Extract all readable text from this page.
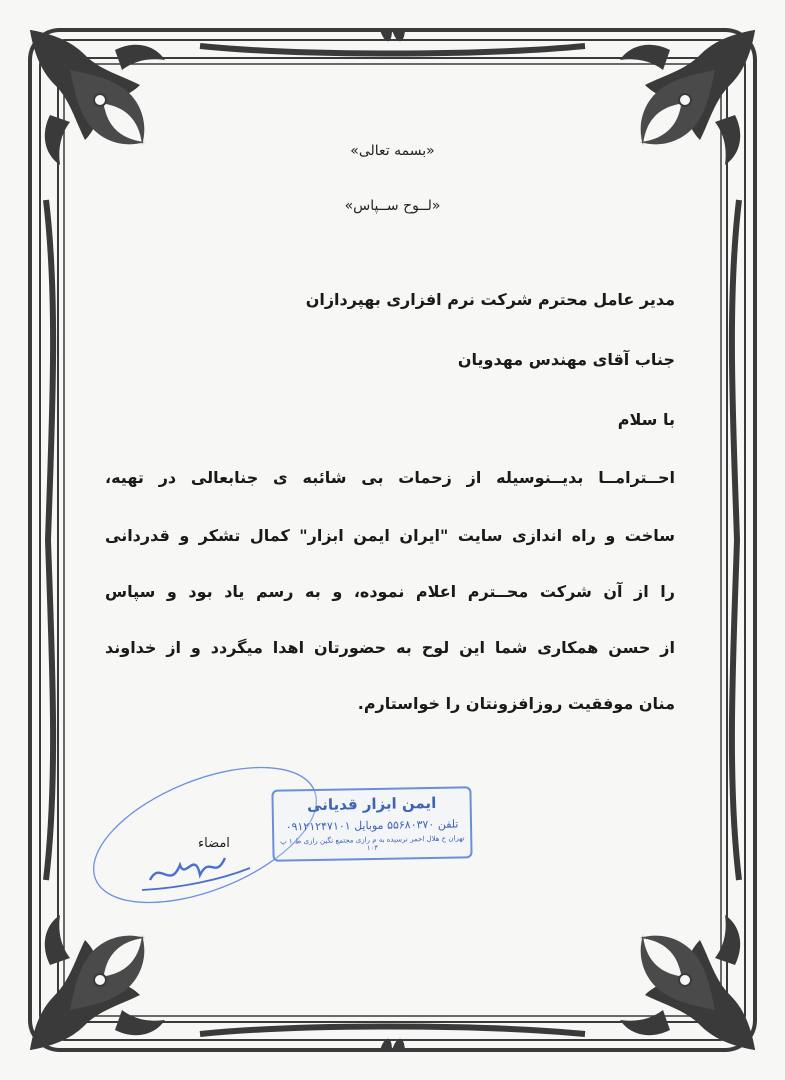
«بسمه تعالی»
«لــوح ســپاس»
مدیر عامل محترم شرکت نرم افزاری بهپردازان
جناب آقای مهندس مهدویان
با سلام
احــترامــا بدیــنوسیله از زحمات بی شائبه ی جنابعالی در تهیه،
ساخت و راه اندازی سایت "ایران ایمن ابزار" کمال تشکر و قدردانی
را از آن شرکت محــترم اعلام نموده، و به رسم یاد بود و سپاس
از حسن همکاری شما این لوح به حضورتان اهدا میگردد و از خداوند
منان موفقیت روزافزونتان را خواستارم.
امضاء
ایمن ابزار قدیانی
تلفن ۵۵۶۸۰۳۷۰ موبایل ۰۹۱۲۱۲۴۷۱۰۱
تهران خ هلال احمر نرسیده به م رازی مجتمع نگین رازی ط ۱ پ ۱۰۴
